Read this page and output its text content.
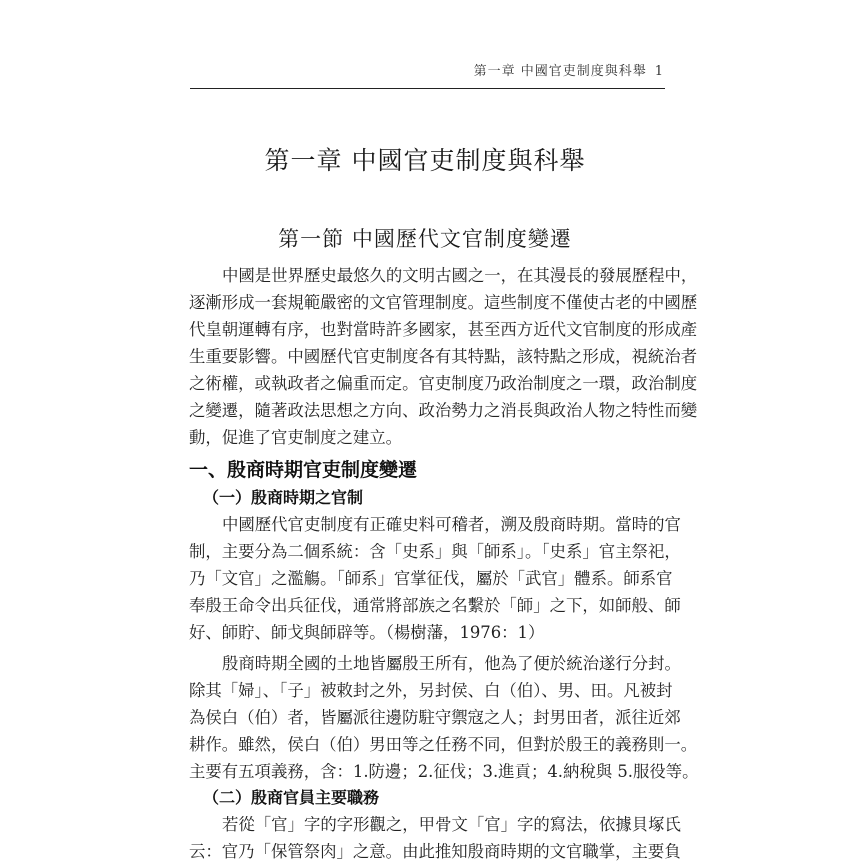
第一章 中國官吏制度與科舉 1
第一章 中國官吏制度與科舉
第一節 中國歷代文官制度變遷
中國是世界歷史最悠久的文明古國之一，在其漫長的發展歷程中，
逐漸形成一套規範嚴密的文官管理制度。這些制度不僅使古老的中國歷
代皇朝運轉有序，也對當時許多國家，甚至西方近代文官制度的形成產
生重要影響。中國歷代官吏制度各有其特點，該特點之形成，視統治者
之術權，或執政者之偏重而定。官吏制度乃政治制度之一環，政治制度
之變遷，隨著政法思想之方向、政治勢力之消長與政治人物之特性而變
動，促進了官吏制度之建立。
一、殷商時期官吏制度變遷
（一）殷商時期之官制
中國歷代官吏制度有正確史料可稽者，溯及殷商時期。當時的官
制，主要分為二個系統：含「史系」與「師系」。「史系」官主祭祀，
乃「文官」之濫觴。「師系」官掌征伐，屬於「武官」體系。師系官
奉殷王命令出兵征伐，通常將部族之名繫於「師」之下，如師般、師
好、師貯、師戈與師辟等。（楊樹藩，1976：1）
殷商時期全國的土地皆屬殷王所有，他為了便於統治遂行分封。
除其「婦」、「子」被敕封之外，另封侯、白（伯）、男、田。凡被封
為侯白（伯）者，皆屬派往邊防駐守禦寇之人；封男田者，派往近郊
耕作。雖然，侯白（伯）男田等之任務不同，但對於殷王的義務則一。
主要有五項義務，含：1.防邊；2.征伐；3.進貢；4.納稅與 5.服役等。
（二）殷商官員主要職務
若從「官」字的字形觀之，甲骨文「官」字的寫法，依據貝塚氏
云：官乃「保管祭肉」之意。由此推知殷商時期的文官職掌，主要負
